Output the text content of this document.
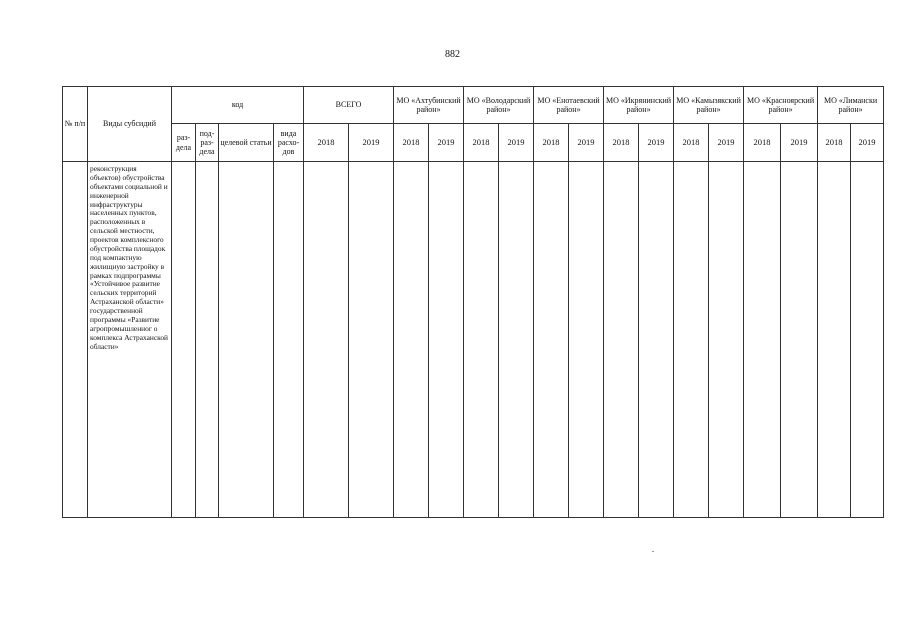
882
№ п/п	Виды субсидий	код				ВСЕГО		МО «Ахтубинский район»		МО «Володарский район»		МО «Енотаевский район»		МО «Икрянинский район»		МО «Камызякский район»		МО «Красноярский район»		МО «Лимански район»	
		раз-дела	под-раз-дела	целевой статьи	вида расхо-дов	2018	2019	2018	2019	2018	2019	2018	2019	2018	2019	2018	2019	2018	2019	2018	2019
	реконструкция объектов) обустройства объектами социальной и инженерной инфраструктуры населенных пунктов, расположенных в сельской местности, проектов комплексного обустройства площадок под компактную жилищную застройку в рамках подпрограммы «Устойчивое развитие сельских территорий Астраханской области» государственной программы «Развитие агропромышленног о комплекса Астраханской области»																				
